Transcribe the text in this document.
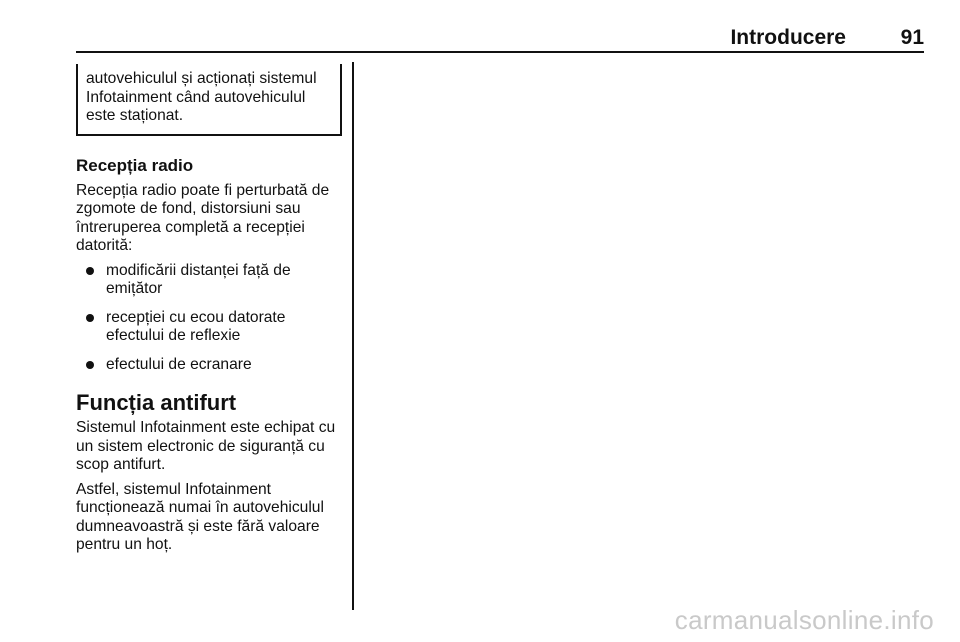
Introducere	91

autovehiculul și acționați sistemul Infotainment când autovehiculul este staționat.

Recepția radio

Recepția radio poate fi perturbată de zgomote de fond, distorsiuni sau întreruperea completă a recepției datorită:

modificării distanței față de emițător
recepției cu ecou datorate efectului de reflexie
efectului de ecranare
Funcția antifurt

Sistemul Infotainment este echipat cu un sistem electronic de siguranță cu scop antifurt.

Astfel, sistemul Infotainment funcționează numai în autovehiculul dumneavoastră și este fără valoare pentru un hoț.

carmanualsonline.info
